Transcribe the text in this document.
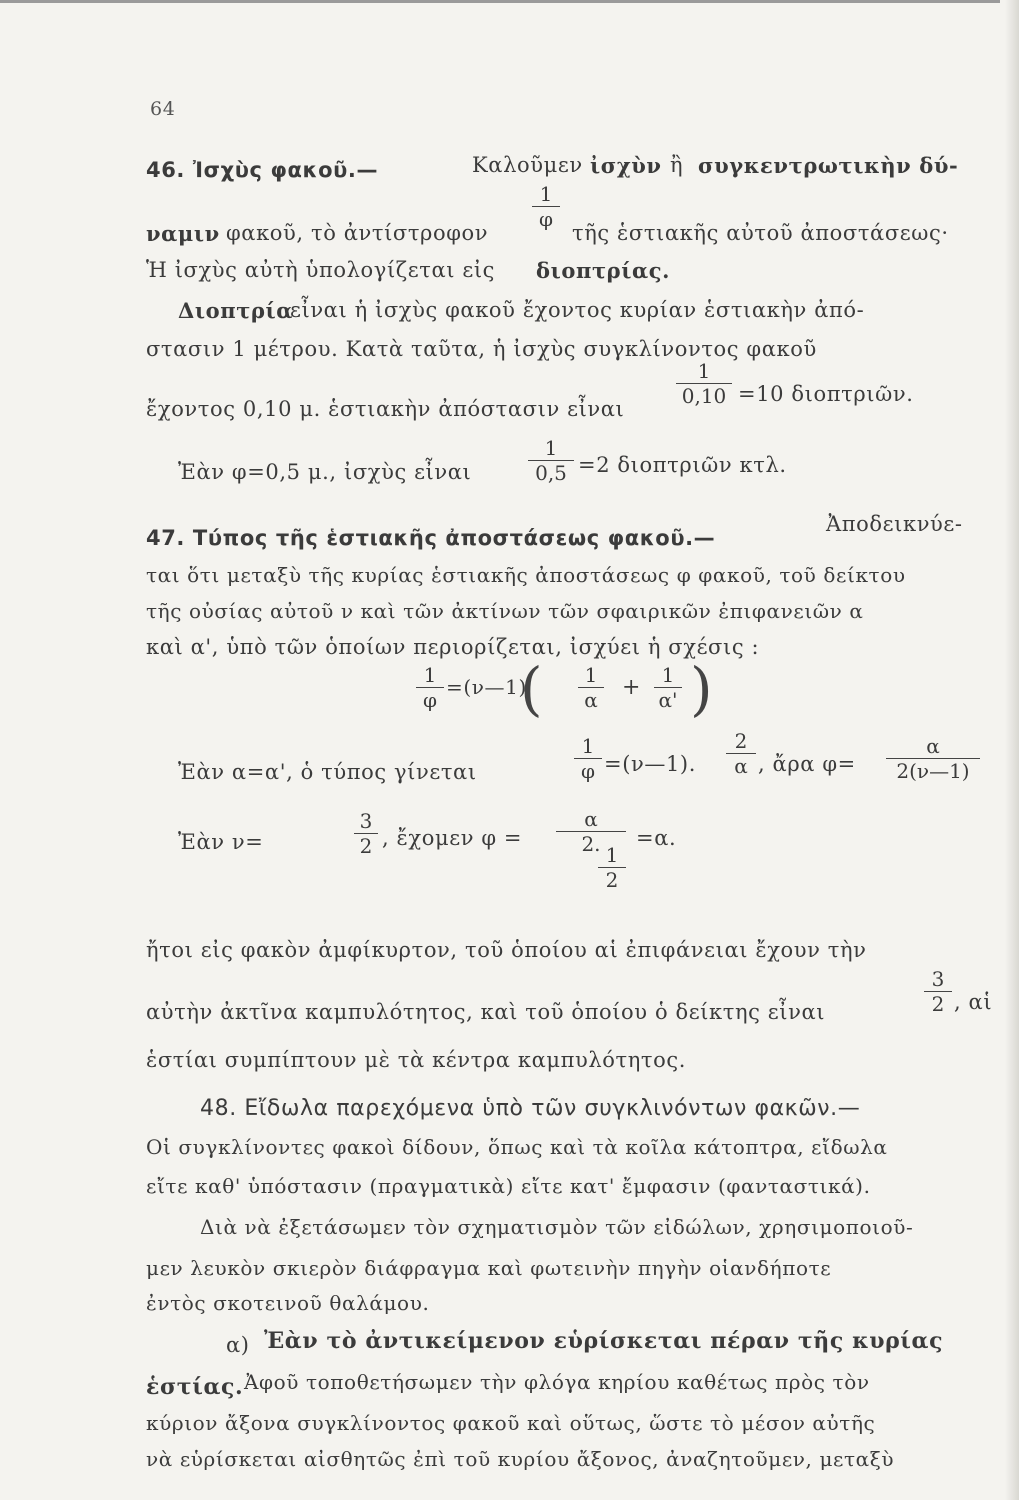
64
46. Ἰσχὺς φακοῦ.—	Καλοῦμεν ἰσχὺν ἢ συγκεντρωτικὴν δύ-
ναμιν φακοῦ, τὸ ἀντίστροφον
1
φ
τῆς ἑστιακῆς αὐτοῦ ἀποστάσεως·
Ἡ ἰσχὺς αὐτὴ ὑπολογίζεται εἰς διοπτρίας.
Διοπτρία
εἶναι ἡ ἰσχὺς φακοῦ ἔχοντος κυρίαν ἑστιακὴν ἀπό-
στασιν 1 μέτρου. Κατὰ ταῦτα, ἡ ἰσχὺς συγκλίνοντος φακοῦ
ἔχοντος 0,10 μ. ἑστιακὴν ἀπόστασιν εἶναι
1
0,10 =10 διοπτριῶν.
Ἐὰν φ=0,5 μ., ἰσχὺς εἶναι
1
0,5 =2 διοπτριῶν κτλ.
47. Τύπος τῆς ἑστιακῆς ἀποστάσεως φακοῦ.—
Ἀποδεικνύε-
ται ὅτι μεταξὺ τῆς κυρίας ἑστιακῆς ἀποστάσεως φ φακοῦ, τοῦ δείκτου
τῆς οὐσίας αὐτοῦ ν καὶ τῶν ἀκτίνων τῶν σφαιρικῶν ἐπιφανειῶν α
καὶ α', ὑπὸ τῶν ὁποίων περιορίζεται, ἰσχύει ἡ σχέσις :
1
φ
=(ν—1)
(	1
α +	1
α' )
Ἐὰν α=α', ὁ τύπος γίνεται
1
φ =(ν—1).
2
α , ἄρα φ=
α
2(ν—1)
Ἐὰν ν=
3
2 , ἔχομεν φ =
α
2. 1
2
=α.
ἤτοι εἰς φακὸν ἀμφίκυρτον, τοῦ ὁποίου αἱ ἐπιφάνειαι ἔχουν τὴν
αὐτὴν ἀκτῖνα καμπυλότητος, καὶ τοῦ ὁποίου ὁ δείκτης εἶναι
3
2 , αἱ
ἑστίαι συμπίπτουν μὲ τὰ κέντρα καμπυλότητος.
48. Εἴδωλα παρεχόμενα ὑπὸ τῶν συγκλινόντων φακῶν.—
Οἱ συγκλίνοντες φακοὶ δίδουν, ὅπως καὶ τὰ κοῖλα κάτοπτρα, εἴδωλα
εἴτε καθ' ὑπόστασιν (πραγματικὰ) εἴτε κατ' ἔμφασιν (φανταστικά).
Διὰ νὰ ἐξετάσωμεν τὸν σχηματισμὸν τῶν εἰδώλων, χρησιμοποιοῦ-
μεν λευκὸν σκιερὸν διάφραγμα καὶ φωτεινὴν πηγὴν οἱανδήποτε
ἐντὸς σκοτεινοῦ θαλάμου.
α) Ἐὰν τὸ ἀντικείμενον εὑρίσκεται πέραν τῆς κυρίας
ἑστίας. Ἀφοῦ τοποθετήσωμεν τὴν φλόγα κηρίου καθέτως πρὸς τὸν
κύριον ἄξονα συγκλίνοντος φακοῦ καὶ οὕτως, ὥστε τὸ μέσον αὐτῆς
νὰ εὑρίσκεται αἰσθητῶς ἐπὶ τοῦ κυρίου ἄξονος, ἀναζητοῦμεν, μεταξὺ
